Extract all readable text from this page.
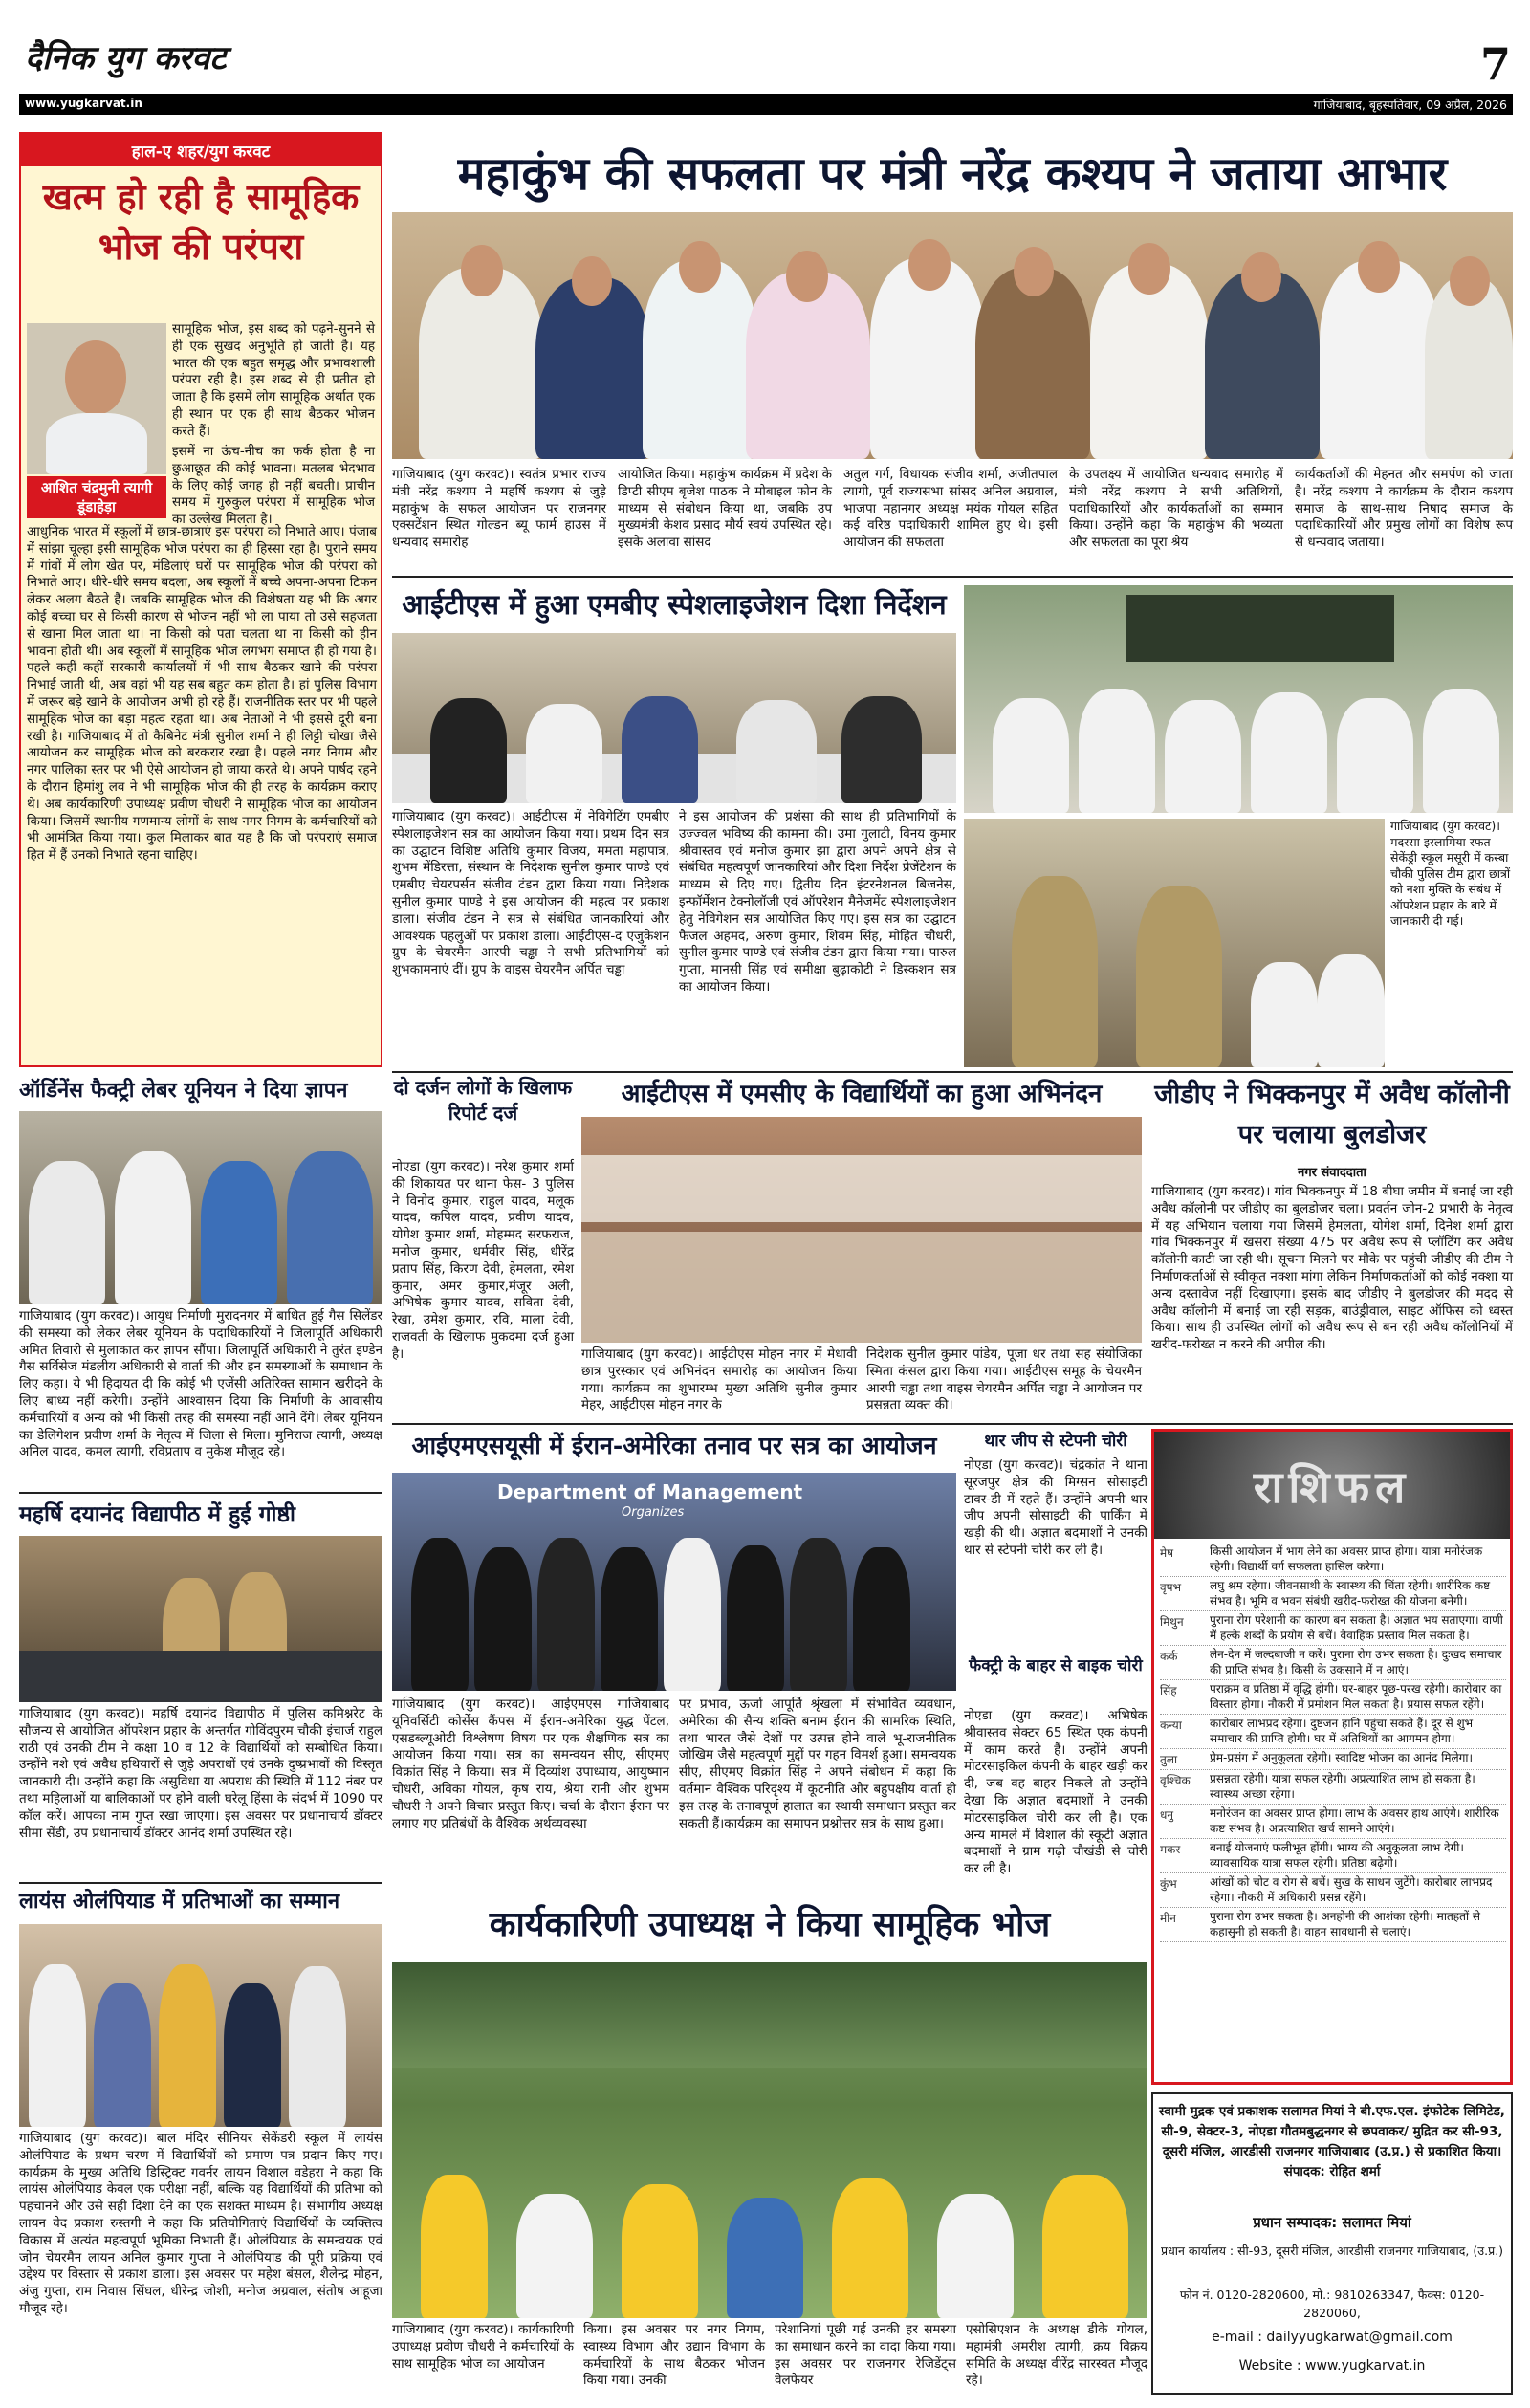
दैनिक युग करवट	7
www.yugkarvat.in	गाजियाबाद, बृहस्पतिवार, 09 अप्रैल, 2026
हाल-ए शहर/युग करवट
खत्म हो रही है सामूहिक भोज की परंपरा
आशित चंद्रमुनी त्यागी डूंडाहेड़ा
सामूहिक भोज, इस शब्द को पढ़ने-सुनने से ही एक सुखद अनुभूति हो जाती है। यह भारत की एक बहुत समृद्ध और प्रभावशाली परंपरा रही है। इस शब्द से ही प्रतीत हो जाता है कि इसमें लोग सामूहिक अर्थात एक ही स्थान पर एक ही साथ बैठकर भोजन करते हैं।
इसमें ना ऊंच-नीच का फर्क होता है ना छुआछूत की कोई भावना। मतलब भेदभाव के लिए कोई जगह ही नहीं बचती। प्राचीन समय में गुरुकुल परंपरा में सामूहिक भोज का उल्लेख मिलता है।
आधुनिक भारत में स्कूलों में छात्र-छात्राएं इस परंपरा को निभाते आए। पंजाब में सांझा चूल्हा इसी सामूहिक भोज परंपरा का ही हिस्सा रहा है। पुराने समय में गांवों में लोग खेत पर, मंडिलाएं घरों पर सामूहिक भोज की परंपरा को निभाते आए। धीरे-धीरे समय बदला, अब स्कूलों में बच्चे अपना-अपना टिफन लेकर अलग बैठते हैं। जबकि सामूहिक भोज की विशेषता यह भी कि अगर कोई बच्चा घर से किसी कारण से भोजन नहीं भी ला पाया तो उसे सहजता से खाना मिल जाता था। ना किसी को पता चलता था ना किसी को हीन भावना होती थी। अब स्कूलों में सामूहिक भोज लगभग समाप्त ही हो गया है। पहले कहीं कहीं सरकारी कार्यालयों में भी साथ बैठकर खाने की परंपरा निभाई जाती थी, अब वहां भी यह सब बहुत कम होता है। हां पुलिस विभाग में जरूर बड़े खाने के आयोजन अभी हो रहे हैं। राजनीतिक स्तर पर भी पहले सामूहिक भोज का बड़ा महत्व रहता था। अब नेताओं ने भी इससे दूरी बना रखी है। गाजियाबाद में तो कैबिनेट मंत्री सुनील शर्मा ने ही लिट्टी चोखा जैसे आयोजन कर सामूहिक भोज को बरकरार रखा है। पहले नगर निगम और नगर पालिका स्तर पर भी ऐसे आयोजन हो जाया करते थे। अपने पार्षद रहने के दौरान हिमांशु लव ने भी सामूहिक भोज की ही तरह के कार्यक्रम कराए थे। अब कार्यकारिणी उपाध्यक्ष प्रवीण चौधरी ने सामूहिक भोज का आयोजन किया। जिसमें स्थानीय गणमान्य लोगों के साथ नगर निगम के कर्मचारियों को भी आमंत्रित किया गया। कुल मिलाकर बात यह है कि जो परंपराएं समाज हित में हैं उनको निभाते रहना चाहिए।
महाकुंभ की सफलता पर मंत्री नरेंद्र कश्यप ने जताया आभार
गाजियाबाद (युग करवट)। स्वतंत्र प्रभार राज्य मंत्री नरेंद्र कश्यप ने महर्षि कश्यप से जुड़े महाकुंभ के सफल आयोजन पर राजनगर एक्सटेंशन स्थित गोल्डन ब्यू फार्म हाउस में धन्यवाद समारोह
आयोजित किया। महाकुंभ कार्यक्रम में प्रदेश के डिप्टी सीएम बृजेश पाठक ने मोबाइल फोन के माध्यम से संबोधन किया था, जबकि उप मुख्यमंत्री केशव प्रसाद मौर्य स्वयं उपस्थित रहे। इसके अलावा सांसद
अतुल गर्ग, विधायक संजीव शर्मा, अजीतपाल त्यागी, पूर्व राज्यसभा सांसद अनिल अग्रवाल, भाजपा महानगर अध्यक्ष मयंक गोयल सहित कई वरिष्ठ पदाधिकारी शामिल हुए थे। इसी आयोजन की सफलता
के उपलक्ष्य में आयोजित धन्यवाद समारोह में मंत्री नरेंद्र कश्यप ने सभी अतिथियों, पदाधिकारियों और कार्यकर्ताओं का सम्मान किया। उन्होंने कहा कि महाकुंभ की भव्यता और सफलता का पूरा श्रेय
कार्यकर्ताओं की मेहनत और समर्पण को जाता है। नरेंद्र कश्यप ने कार्यक्रम के दौरान कश्यप समाज के साथ-साथ निषाद समाज के पदाधिकारियों और प्रमुख लोगों का विशेष रूप से धन्यवाद जताया।
आईटीएस में हुआ एमबीए स्पेशलाइजेशन दिशा निर्देशन
गाजियाबाद (युग करवट)। आईटीएस में नेविगेटिंग एमबीए स्पेशलाइजेशन सत्र का आयोजन किया गया। प्रथम दिन सत्र का उद्घाटन विशिष्ट अतिथि कुमार विजय, ममता महापात्र, शुभम मेंडिरत्ता, संस्थान के निदेशक सुनील कुमार पाण्डे एवं एमबीए चेयरपर्सन संजीव टंडन द्वारा किया गया। निदेशक सुनील कुमार पाण्डे ने इस आयोजन की महत्व पर प्रकाश डाला। संजीव टंडन ने सत्र से संबंधित जानकारियां और आवश्यक पहलुओं पर प्रकाश डाला। आईटीएस-द एजुकेशन ग्रुप के चेयरमैन आरपी चड्ढा ने सभी प्रतिभागियों को शुभकामनाएं दीं। ग्रुप के वाइस चेयरमैन अर्पित चड्ढा
ने इस आयोजन की प्रशंसा की साथ ही प्रतिभागियों के उज्ज्वल भविष्य की कामना की। उमा गुलाटी, विनय कुमार श्रीवास्तव एवं मनोज कुमार झा द्वारा अपने अपने क्षेत्र से संबंधित महत्वपूर्ण जानकारियां और दिशा निर्देश प्रेजेंटेशन के माध्यम से दिए गए। द्वितीय दिन इंटरनेशनल बिजनेस, इन्फॉर्मेशन टेक्नोलॉजी एवं ऑपरेशन मैनेजमेंट स्पेशलाइजेशन हेतु नेविगेशन सत्र आयोजित किए गए। इस सत्र का उद्घाटन फैजल अहमद, अरुण कुमार, शिवम सिंह, मोहित चौधरी, सुनील कुमार पाण्डे एवं संजीव टंडन द्वारा किया गया। पारुल गुप्ता, मानसी सिंह एवं समीक्षा बुढ़ाकोटी ने डिस्कशन सत्र का आयोजन किया।
गाजियाबाद (युग करवट)। मदरसा इस्लामिया रफत सेकेंड्री स्कूल मसूरी में कस्बा चौकी पुलिस टीम द्वारा छात्रों को नशा मुक्ति के संबंध में ऑपरेशन प्रहार के बारे में जानकारी दी गई।
ऑर्डिनेंस फैक्ट्री लेबर यूनियन ने दिया ज्ञापन
गाजियाबाद (युग करवट)। आयुध निर्माणी मुरादनगर में बाधित हुई गैस सिलेंडर की समस्या को लेकर लेबर यूनियन के पदाधिकारियों ने जिलापूर्ति अधिकारी अमित तिवारी से मुलाकात कर ज्ञापन सौंपा। जिलापूर्ति अधिकारी ने तुरंत इण्डेन गैस सर्विसेज मंडलीय अधिकारी से वार्ता की और इन समस्याओं के समाधान के लिए कहा। ये भी हिदायत दी कि कोई भी एजेंसी अतिरिक्त सामान खरीदने के लिए बाध्य नहीं करेगी। उन्होंने आश्वासन दिया कि निर्माणी के आवासीय कर्मचारियों व अन्य को भी किसी तरह की समस्या नहीं आने देंगे। लेबर यूनियन का डेलिगेशन प्रवीण शर्मा के नेतृत्व में जिला से मिला। मुनिराज त्यागी, अध्यक्ष अनिल यादव, कमल त्यागी, रविप्रताप व मुकेश मौजूद रहे।
महर्षि दयानंद विद्यापीठ में हुई गोष्ठी
गाजियाबाद (युग करवट)। महर्षि दयानंद विद्यापीठ में पुलिस कमिश्नरेट के सौजन्य से आयोजित ऑपरेशन प्रहार के अन्तर्गत गोविंदपुरम चौकी इंचार्ज राहुल राठी एवं उनकी टीम ने कक्षा 10 व 12 के विद्यार्थियों को सम्बोधित किया। उन्होंने नशे एवं अवैध हथियारों से जुड़े अपराधों एवं उनके दुष्प्रभावों की विस्तृत जानकारी दी। उन्होंने कहा कि असुविधा या अपराध की स्थिति में 112 नंबर पर तथा महिलाओं या बालिकाओं पर होने वाली घरेलू हिंसा के संदर्भ में 1090 पर कॉल करें। आपका नाम गुप्त रखा जाएगा। इस अवसर पर प्रधानाचार्य डॉक्टर सीमा सेंडी, उप प्रधानाचार्य डॉक्टर आनंद शर्मा उपस्थित रहे।
लायंस ओलंपियाड में प्रतिभाओं का सम्मान
गाजियाबाद (युग करवट)। बाल मंदिर सीनियर सेकेंडरी स्कूल में लायंस ओलंपियाड के प्रथम चरण में विद्यार्थियों को प्रमाण पत्र प्रदान किए गए। कार्यक्रम के मुख्य अतिथि डिस्ट्रिक्ट गवर्नर लायन विशाल वडेहरा ने कहा कि लायंस ओलंपियाड केवल एक परीक्षा नहीं, बल्कि यह विद्यार्थियों की प्रतिभा को पहचानने और उसे सही दिशा देने का एक सशक्त माध्यम है। संभागीय अध्यक्ष लायन वेद प्रकाश रुस्तगी ने कहा कि प्रतियोगिताएं विद्यार्थियों के व्यक्तित्व विकास में अत्यंत महत्वपूर्ण भूमिका निभाती हैं। ओलंपियाड के समन्वयक एवं जोन चेयरमैन लायन अनिल कुमार गुप्ता ने ओलंपियाड की पूरी प्रक्रिया एवं उद्देश्य पर विस्तार से प्रकाश डाला। इस अवसर पर महेश बंसल, शैलेन्द्र मोहन, अंजु गुप्ता, राम निवास सिंघल, धीरेन्द्र जोशी, मनोज अग्रवाल, संतोष आहूजा मौजूद रहे।
दो दर्जन लोगों के खिलाफ रिपोर्ट दर्ज
नोएडा (युग करवट)। नरेश कुमार शर्मा की शिकायत पर थाना फेस- 3 पुलिस ने विनोद कुमार, राहुल यादव, मलूक यादव, कपिल यादव, प्रवीण यादव, योगेश कुमार शर्मा, मोहम्मद सरफराज, मनोज कुमार, धर्मवीर सिंह, धीरेंद्र प्रताप सिंह, किरण देवी, हेमलता, रमेश कुमार, अमर कुमार,मंजूर अली, अभिषेक कुमार यादव, सविता देवी, रेखा, उमेश कुमार, रवि, माला देवी, राजवती के खिलाफ मुकदमा दर्ज हुआ है।
आईटीएस में एमसीए के विद्यार्थियों का हुआ अभिनंदन
गाजियाबाद (युग करवट)। आईटीएस मोहन नगर में मेधावी छात्र पुरस्कार एवं अभिनंदन समारोह का आयोजन किया गया। कार्यक्रम का शुभारम्भ मुख्य अतिथि सुनील कुमार मेहर, आईटीएस मोहन नगर के
निदेशक सुनील कुमार पांडेय, पूजा धर तथा सह संयोजिका स्मिता कंसल द्वारा किया गया। आईटीएस समूह के चेयरमैन आरपी चड्ढा तथा वाइस चेयरमैन अर्पित चड्ढा ने आयोजन पर प्रसन्नता व्यक्त की।
जीडीए ने भिक्कनपुर में अवैध कॉलोनी पर चलाया बुलडोजर
नगर संवाददाता
गाजियाबाद (युग करवट)। गांव भिक्कनपुर में 18 बीघा जमीन में बनाई जा रही अवैध कॉलोनी पर जीडीए का बुलडोजर चला। प्रवर्तन जोन-2 प्रभारी के नेतृत्व में यह अभियान चलाया गया जिसमें हेमलता, योगेश शर्मा, दिनेश शर्मा द्वारा गांव भिक्कनपुर में खसरा संख्या 475 पर अवैध रूप से प्लॉटिंग कर अवैध कॉलोनी काटी जा रही थी। सूचना मिलने पर मौके पर पहुंची जीडीए की टीम ने निर्माणकर्ताओं से स्वीकृत नक्शा मांगा लेकिन निर्माणकर्ताओं को कोई नक्शा या अन्य दस्तावेज नहीं दिखाएगा। इसके बाद जीडीए ने बुलडोजर की मदद से अवैध कॉलोनी में बनाई जा रही सड़क, बाउंड्रीवाल, साइट ऑफिस को ध्वस्त किया। साथ ही उपस्थित लोगों को अवैध रूप से बन रही अवैध कॉलोनियों में खरीद-फरोख्त न करने की अपील की।
आईएमएसयूसी में ईरान-अमेरिका तनाव पर सत्र का आयोजन
Department of Management
Organizes
गाजियाबाद (युग करवट)। आईएमएस गाजियाबाद यूनिवर्सिटी कोर्सेस कैंपस में ईरान-अमेरिका युद्ध पेंटल, एसडब्ल्यूओटी विश्लेषण विषय पर एक शैक्षणिक सत्र का आयोजन किया गया। सत्र का समन्वयन सीए, सीएमए विक्रांत सिंह ने किया। सत्र में दिव्यांश उपाध्याय, आयुष्मान चौधरी, अविका गोयल, कृष राय, श्रेया रानी और शुभम चौधरी ने अपने विचार प्रस्तुत किए। चर्चा के दौरान ईरान पर लगाए गए प्रतिबंधों के वैश्विक अर्थव्यवस्था
पर प्रभाव, ऊर्जा आपूर्ति श्रृंखला में संभावित व्यवधान, अमेरिका की सैन्य शक्ति बनाम ईरान की सामरिक स्थिति, तथा भारत जैसे देशों पर उत्पन्न होने वाले भू-राजनीतिक जोखिम जैसे महत्वपूर्ण मुद्दों पर गहन विमर्श हुआ। समन्वयक सीए, सीएमए विक्रांत सिंह ने अपने संबोधन में कहा कि वर्तमान वैश्विक परिदृश्य में कूटनीति और बहुपक्षीय वार्ता ही इस तरह के तनावपूर्ण हालात का स्थायी समाधान प्रस्तुत कर सकती हैं।कार्यक्रम का समापन प्रश्नोत्तर सत्र के साथ हुआ।
थार जीप से स्टेपनी चोरी
नोएडा (युग करवट)। चंद्रकांत ने थाना सूरजपुर क्षेत्र की मिग्सन सोसाइटी टावर-डी में रहते हैं। उन्होंने अपनी थार जीप अपनी सोसाइटी की पार्किंग में खड़ी की थी। अज्ञात बदमाशों ने उनकी थार से स्टेपनी चोरी कर ली है।
फैक्ट्री के बाहर से बाइक चोरी
नोएडा (युग करवट)। अभिषेक श्रीवास्तव सेक्टर 65 स्थित एक कंपनी में काम करते हैं। उन्होंने अपनी मोटरसाइकिल कंपनी के बाहर खड़ी कर दी, जब वह बाहर निकले तो उन्होंने देखा कि अज्ञात बदमाशों ने उनकी मोटरसाइकिल चोरी कर ली है। एक अन्य मामले में विशाल की स्कूटी अज्ञात बदमाशों ने ग्राम गढ़ी चौखंडी से चोरी कर ली है।
राशिफल
मेष	किसी आयोजन में भाग लेने का अवसर प्राप्त होगा। यात्रा मनोरंजक रहेगी। विद्यार्थी वर्ग सफलता हासिल करेगा।
वृषभ	लघु श्रम रहेगा। जीवनसाथी के स्वास्थ्य की चिंता रहेगी। शारीरिक कष्ट संभव है। भूमि व भवन संबंधी खरीद-फरोख्त की योजना बनेगी।
मिथुन	पुराना रोग परेशानी का कारण बन सकता है। अज्ञात भय सताएगा। वाणी में हल्के शब्दों के प्रयोग से बचें। वैवाहिक प्रस्ताव मिल सकता है।
कर्क	लेन-देन में जल्दबाजी न करें। पुराना रोग उभर सकता है। दुःखद समाचार की प्राप्ति संभव है। किसी के उकसाने में न आएं।
सिंह	पराक्रम व प्रतिष्ठा में वृद्धि होगी। घर-बाहर पूछ-परख रहेगी। कारोबार का विस्तार होगा। नौकरी में प्रमोशन मिल सकता है। प्रयास सफल रहेंगे।
कन्या	कारोबार लाभप्रद रहेगा। दुष्टजन हानि पहुंचा सकते हैं। दूर से शुभ समाचार की प्राप्ति होगी। घर में अतिथियों का आगमन होगा।
तुला	प्रेम-प्रसंग में अनुकूलता रहेगी। स्वादिष्ट भोजन का आनंद मिलेगा।
वृश्चिक	प्रसन्नता रहेगी। यात्रा सफल रहेगी। अप्रत्याशित लाभ हो सकता है। स्वास्थ्य अच्छा रहेगा।
धनु	मनोरंजन का अवसर प्राप्त होगा। लाभ के अवसर हाथ आएंगे। शारीरिक कष्ट संभव है। अप्रत्याशित खर्च सामने आएंगे।
मकर	बनाई योजनाएं फलीभूत होंगी। भाग्य की अनुकूलता लाभ देगी। व्यावसायिक यात्रा सफल रहेगी। प्रतिष्ठा बढ़ेगी।
कुंभ	आंखों को चोट व रोग से बचें। सुख के साधन जुटेंगे। कारोबार लाभप्रद रहेगा। नौकरी में अधिकारी प्रसन्न रहेंगे।
मीन	पुराना रोग उभर सकता है। अनहोनी की आशंका रहेगी। मातहतों से कहासुनी हो सकती है। वाहन सावधानी से चलाएं।
कार्यकारिणी उपाध्यक्ष ने किया सामूहिक भोज
गाजियाबाद (युग करवट)। कार्यकारिणी उपाध्यक्ष प्रवीण चौधरी ने कर्मचारियों के साथ सामूहिक भोज का आयोजन
किया। इस अवसर पर नगर निगम, स्वास्थ्य विभाग और उद्यान विभाग के कर्मचारियों के साथ बैठकर भोजन किया गया। उनकी
परेशानियां पूछी गई उनकी हर समस्या का समाधान करने का वादा किया गया। इस अवसर पर राजनगर रेजिडेंट्स वेलफेयर
एसोसिएशन के अध्यक्ष डीके गोयल, महामंत्री अमरीश त्यागी, क्रय विक्रय समिति के अध्यक्ष वीरेंद्र सारस्वत मौजूद रहे।
स्वामी मुद्रक एवं प्रकाशक सलामत मियां ने बी.एफ.एल. इंफोटेक लिमिटेड, सी-9, सेक्टर-3, नोएडा गौतमबुद्धनगर से छपवाकर/ मुद्रित कर सी-93, दूसरी मंजिल, आरडीसी राजनगर गाजियाबाद (उ.प्र.) से प्रकाशित किया। संपादक: रोहित शर्मा
प्रधान सम्पादक: सलामत मियां
प्रधान कार्यालय : सी-93, दूसरी मंजिल, आरडीसी राजनगर गाजियाबाद, (उ.प्र.)
फोन नं. 0120-2820600, मो.: 9810263347, फैक्स: 0120-2820060,
e-mail : dailyyugkarwat@gmail.com
Website : www.yugkarvat.in
